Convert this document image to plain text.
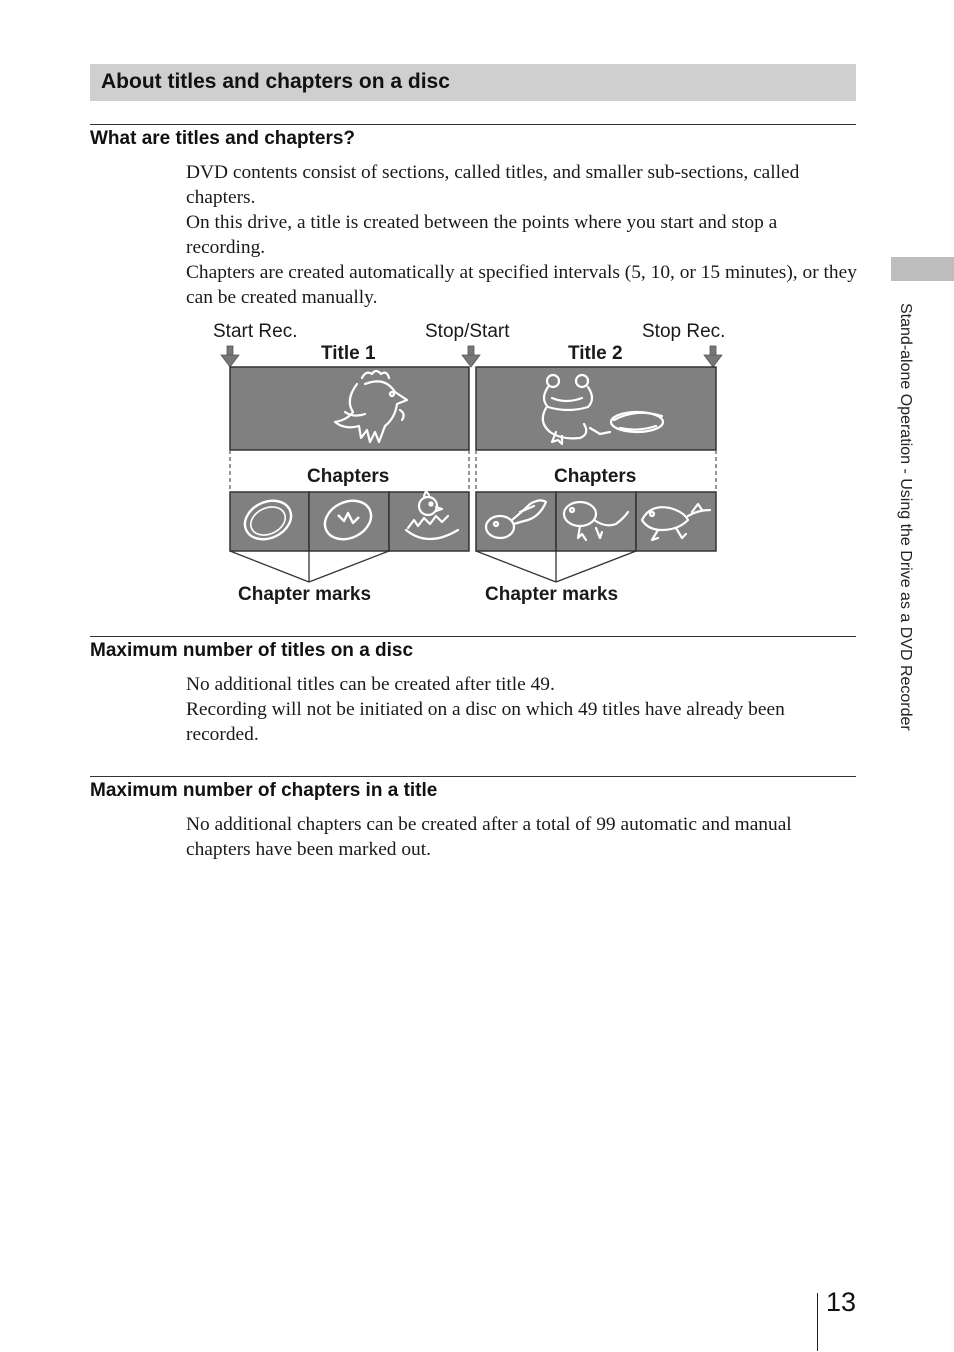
About titles and chapters on a disc
What are titles and chapters?

DVD contents consist of sections, called titles, and smaller sub-sections, called chapters.

On this drive, a title is created between the points where you start and stop a recording.

Chapters are created automatically at specified intervals (5, 10, or 15 minutes), or they can be created manually.

Start Rec.	Stop/Start	Stop Rec.
Title 1	Title 2
Chapters	Chapters
Chapter marks	Chapter marks
Maximum number of titles on a disc

No additional titles can be created after title 49.

Recording will not be initiated on a disc on which 49 titles have already been recorded.

Maximum number of chapters in a title

No additional chapters can be created after a total of 99 automatic and manual chapters have been marked out.

Stand-alone Operation - Using the Drive as a DVD Recorder
13
